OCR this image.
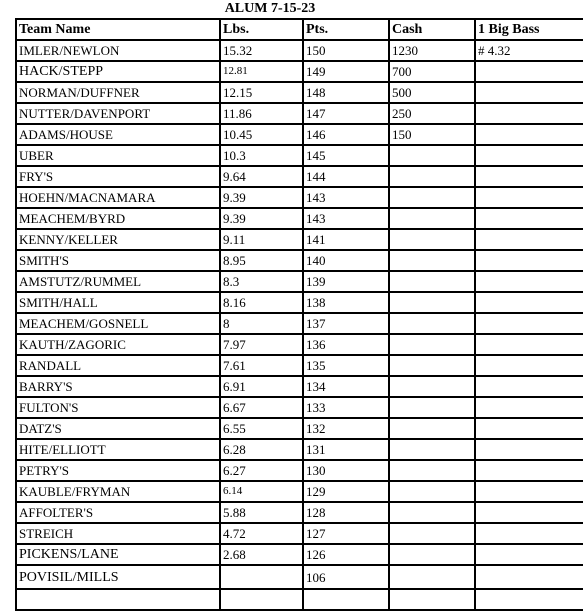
ALUM 7-15-23
Team Name	Lbs.	Pts.	Cash	1 Big Bass
IMLER/NEWLON	15.32	150	1230	# 4.32
HACK/STEPP	12.81	149	700	
NORMAN/DUFFNER	12.15	148	500	
NUTTER/DAVENPORT	11.86	147	250	
ADAMS/HOUSE	10.45	146	150	
UBER	10.3	145		
FRY'S	9.64	144		
HOEHN/MACNAMARA	9.39	143		
MEACHEM/BYRD	9.39	143		
KENNY/KELLER	9.11	141		
SMITH'S	8.95	140		
AMSTUTZ/RUMMEL	8.3	139		
SMITH/HALL	8.16	138		
MEACHEM/GOSNELL	8	137		
KAUTH/ZAGORIC	7.97	136		
RANDALL	7.61	135		
BARRY'S	6.91	134		
FULTON'S	6.67	133		
DATZ'S	6.55	132		
HITE/ELLIOTT	6.28	131		
PETRY'S	6.27	130		
KAUBLE/FRYMAN	6.14	129		
AFFOLTER'S	5.88	128		
STREICH	4.72	127		
PICKENS/LANE	2.68	126		
POVISIL/MILLS		106		
